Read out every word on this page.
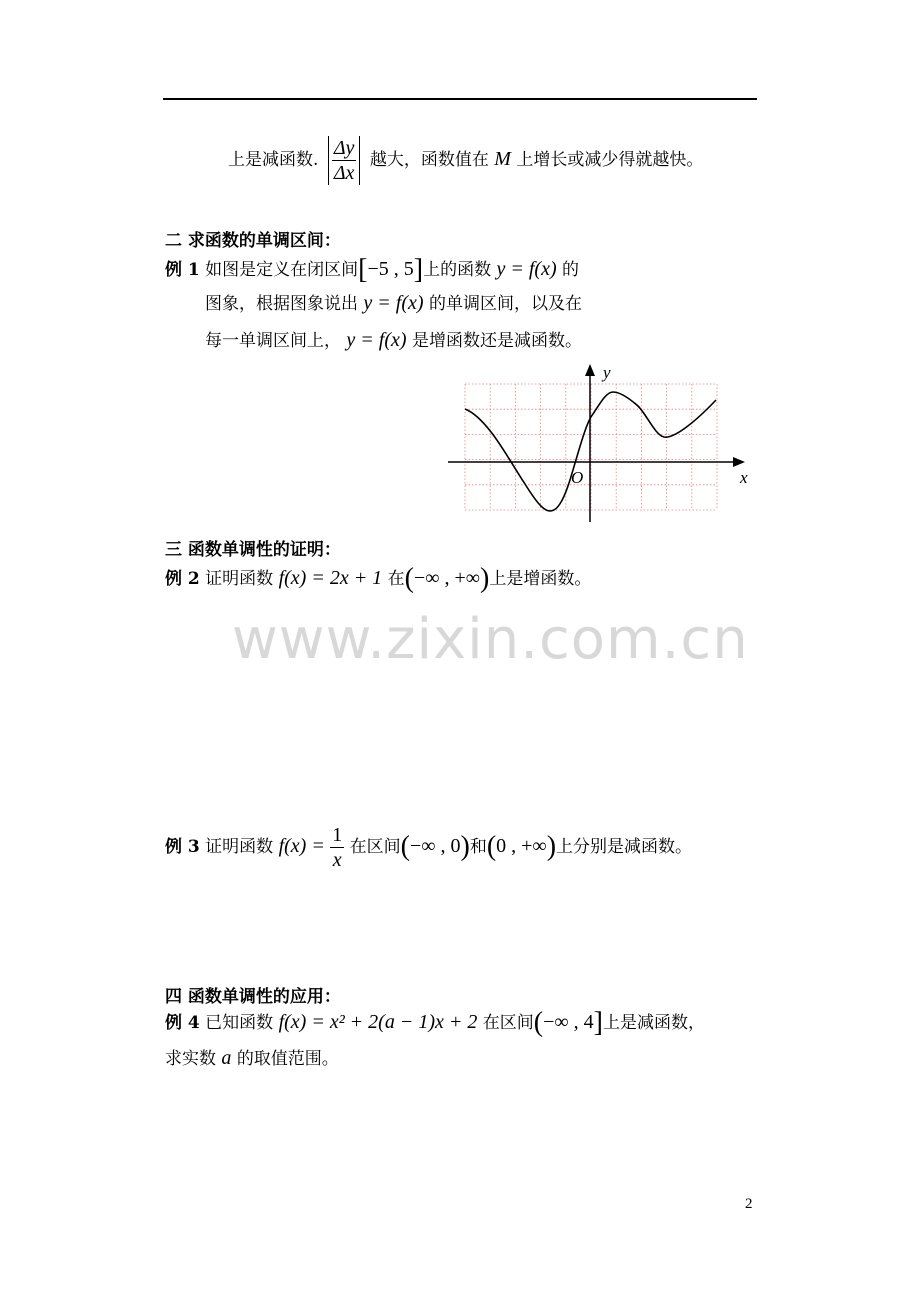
上是减函数. $\frac{\Delta y}{\Delta x}$ 越大，函数值在 M 上增长或减少得就越快。
二 求函数的单调区间：
例 1 如图是定义在闭区间[−5 , 5]上的函数 y = f(x) 的
图象，根据图象说出 y = f(x) 的单调区间，以及在
每一单调区间上， y = f(x) 是增函数还是减函数。
y
x
O
三 函数单调性的证明：
例 2 证明函数 f(x) = 2x + 1 在(−∞ , +∞)上是增函数。
www.zixin.com.cn
例 3 证明函数 $f(x) = \frac{1}{x}$ 在区间(−∞ , 0)和(0 , +∞)上分别是减函数。
四 函数单调性的应用：
例 4 已知函数 f(x) = x² + 2(a − 1)x + 2 在区间(−∞ , 4]上是减函数，
求实数 a 的取值范围。
2
